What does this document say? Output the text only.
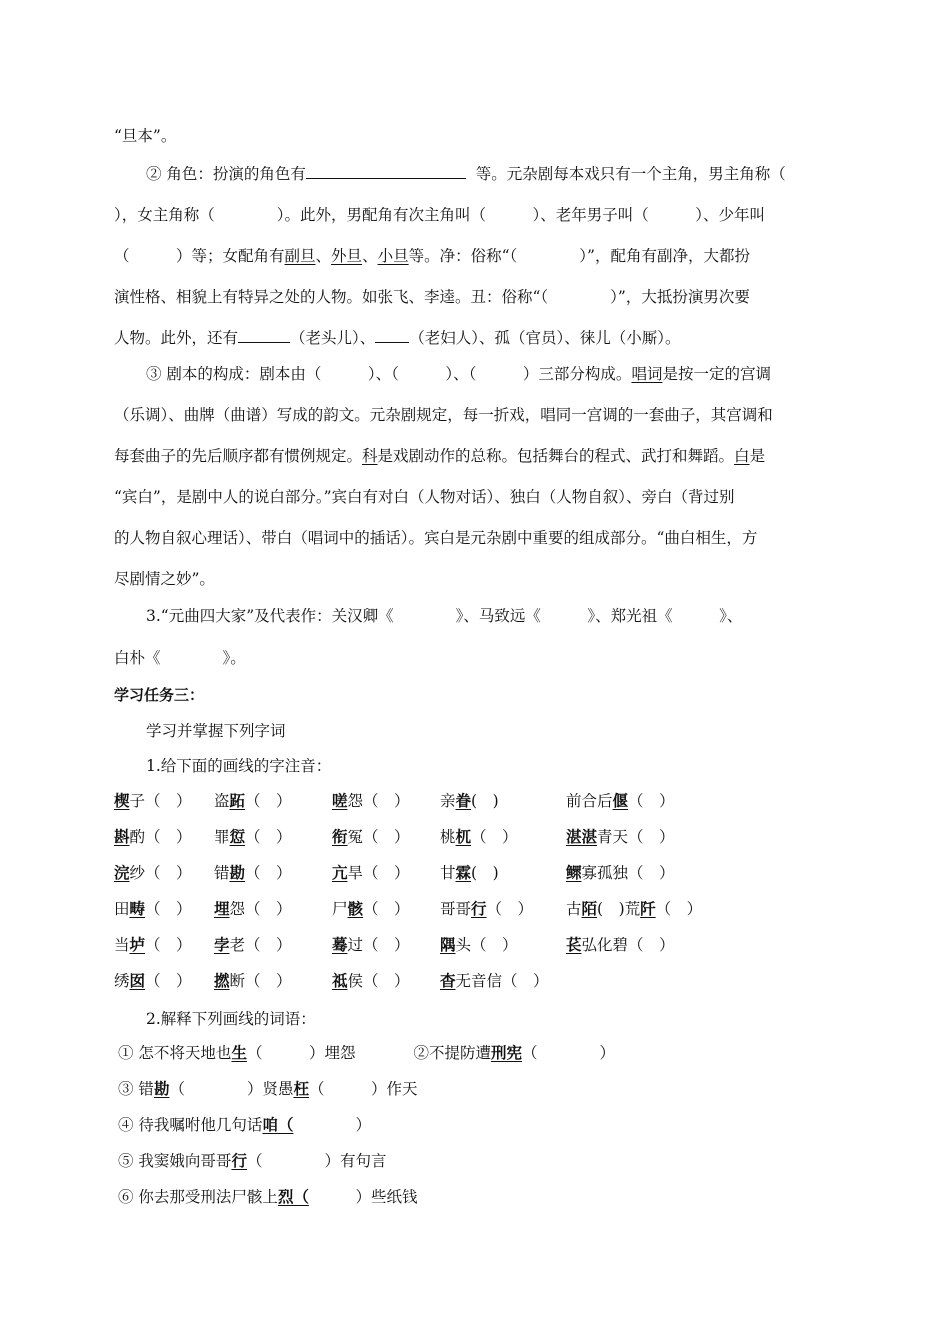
“旦本”。
② 角色：扮演的角色有	等。元杂剧每本戏只有一个主角，男主角称（
），女主角称（　　　　）。此外，男配角有次主角叫（　　　）、老年男子叫（　　　）、少年叫
（　　　）等；女配角有副旦、外旦、小旦等。净：俗称“（　　　　）”，配角有副净，大都扮
演性格、相貌上有特异之处的人物。如张飞、李逵。丑：俗称“（　　　　）”，大抵扮演男次要
人物。此外，还有	（老头儿）、 （老妇人）、孤（官员）、徕儿（小厮）。
③ 剧本的构成：剧本由（　　　）、（　　　）、（　　　）三部分构成。唱词是按一定的宫调
（乐调）、曲牌（曲谱）写成的韵文。元杂剧规定，每一折戏，唱同一宫调的一套曲子，其宫调和
每套曲子的先后顺序都有惯例规定。科是戏剧动作的总称。包括舞台的程式、武打和舞蹈。白是
“宾白”，是剧中人的说白部分。”宾白有对白（人物对话）、独白（人物自叙）、旁白（背过别
的人物自叙心理话）、带白（唱词中的插话）。宾白是元杂剧中重要的组成部分。“曲白相生，方
尽剧情之妙”。
3.“元曲四大家”及代表作：关汉卿《　　　　》、马致远《　　　》、郑光祖《　　　》、
白朴《　　　　》。
学习任务三：
学习并掌握下列字词
1.给下面的画线的字注音：
楔子（　） 盗跖（　）	嗟怨（　） 亲眷(　)	前合后偃（　）
斟酌（　） 罪愆（　）	衔冤（　） 桃杌（　）	湛湛青天（　）
浣纱（　） 错勘（　）	亢旱（　） 甘霖(　)	鳏寡孤独（　）
田畴（　） 埋怨（　）	尸骸（　） 哥哥行（　） 古陌(　)荒阡（　）
当垆（　） 孛老（　）	蓦过（　） 隅头（　）	苌弘化碧（　）
绣囡（　） 撚断（　）	祗侯（　） 杳无音信（　）
2.解释下列画线的词语：
① 怎不将天地也生（　　　）埋怨	②不提防遭刑宪（　　　　）
③ 错勘（　　　　）贤愚枉（　　　）作天
④ 待我嘱咐他几句话咱（　　　　）
⑤ 我窦娥向哥哥行（　　　　）有句言
⑥ 你去那受刑法尸骸上烈（　　　）些纸钱
